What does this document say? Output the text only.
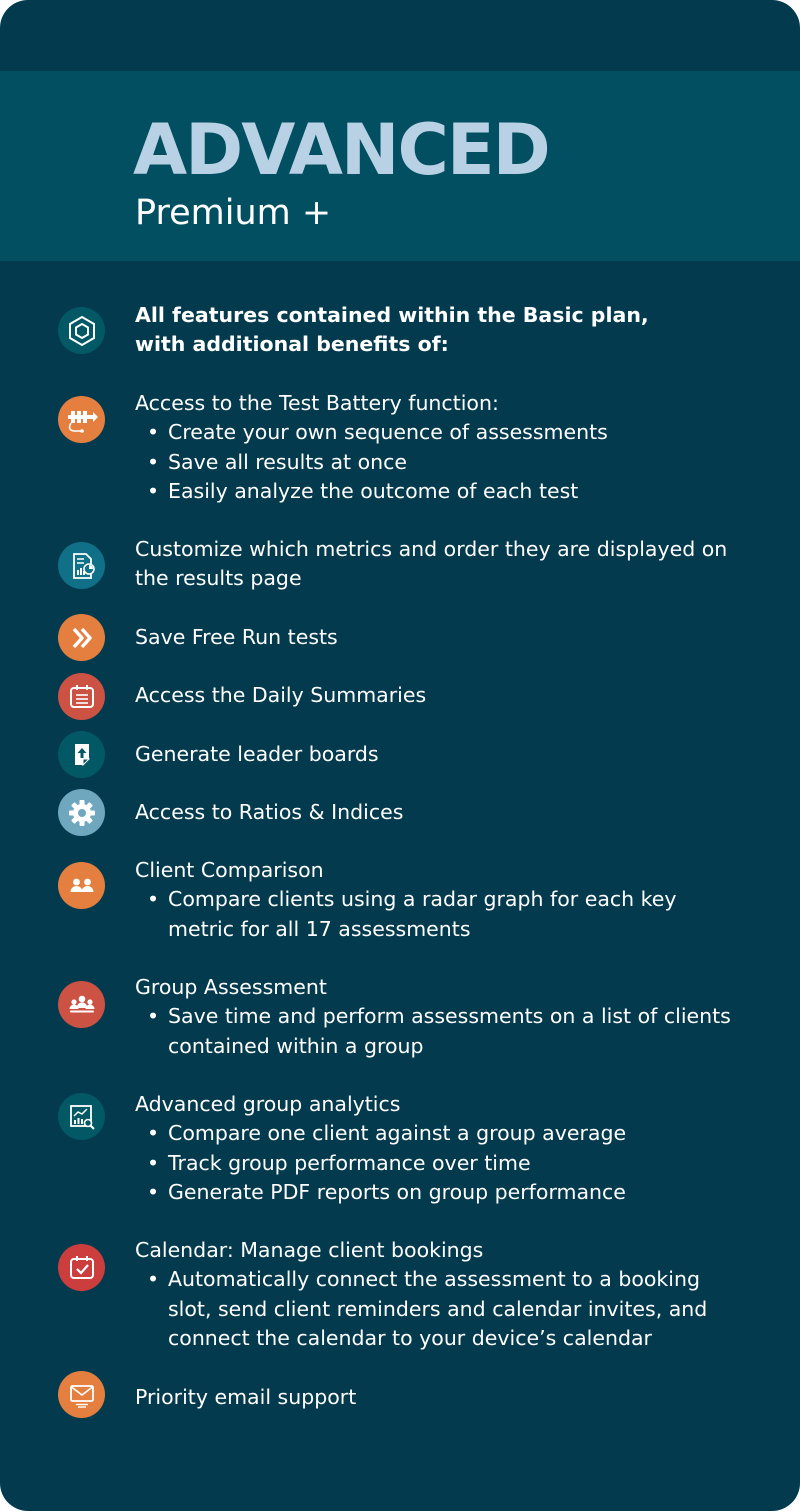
ADVANCED
Premium +

All features contained within the Basic plan, with additional benefits of:

Access to the Test Battery function:

• Create your own sequence of assessments
• Save all results at once
• Easily analyze the outcome of each test

Customize which metrics and order they are displayed on the results page

Save Free Run tests

Access the Daily Summaries

Generate leader boards

Access to Ratios & Indices

Client Comparison

• Compare clients using a radar graph for each key metric for all 17 assessments

Group Assessment

• Save time and perform assessments on a list of clients contained within a group

Advanced group analytics

• Compare one client against a group average
• Track group performance over time
• Generate PDF reports on group performance

Calendar: Manage client bookings

• Automatically connect the assessment to a booking slot, send client reminders and calendar invites, and connect the calendar to your device’s calendar

Priority email support
